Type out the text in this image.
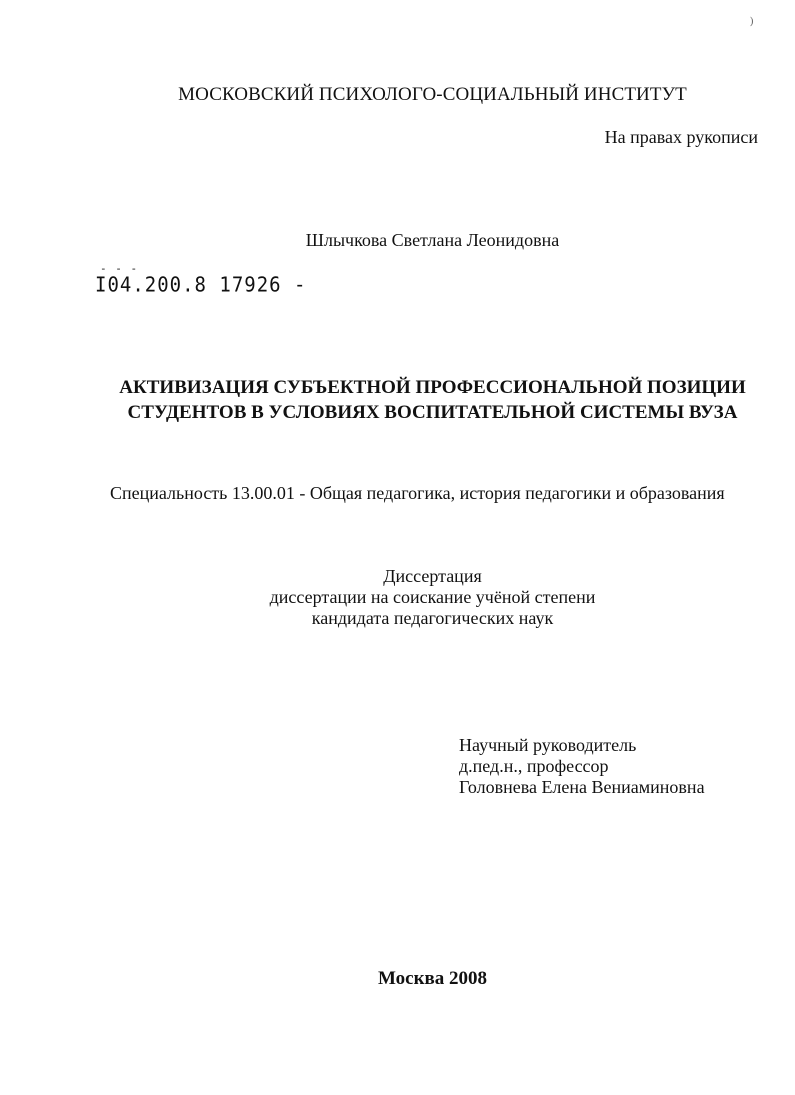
)
МОСКОВСКИЙ ПСИХОЛОГО-СОЦИАЛЬНЫЙ ИНСТИТУТ
На правах рукописи
Шлычкова Светлана Леонидовна
- - -
I04.200.8 17926 -
АКТИВИЗАЦИЯ СУБЪЕКТНОЙ ПРОФЕССИОНАЛЬНОЙ ПОЗИЦИИ
СТУДЕНТОВ В УСЛОВИЯХ ВОСПИТАТЕЛЬНОЙ СИСТЕМЫ ВУЗА
Специальность 13.00.01 - Общая педагогика, история педагогики и образования
Диссертация
диссертации на соискание учёной степени
кандидата педагогических наук
Научный руководитель
д.пед.н., профессор
Головнева Елена Вениаминовна
Москва 2008
